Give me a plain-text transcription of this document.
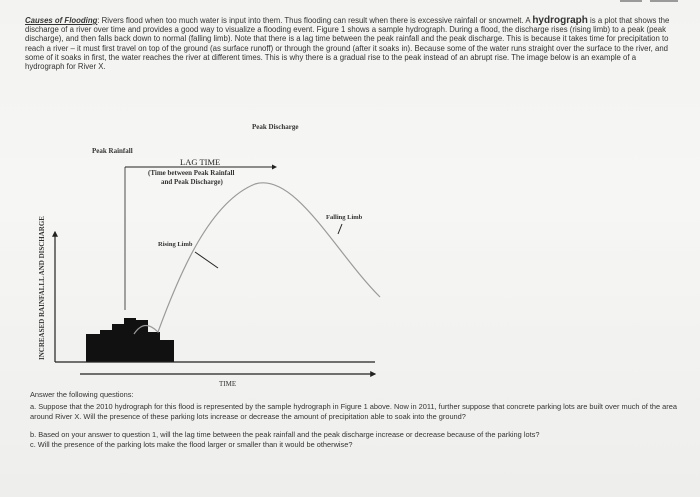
Causes of Flooding: Rivers flood when too much water is input into them. Thus flooding can result when there is excessive rainfall or snowmelt. A hydrograph is a plot that shows the discharge of a river over time and provides a good way to visualize a flooding event. Figure 1 shows a sample hydrograph. During a flood, the discharge rises (rising limb) to a peak (peak discharge), and then falls back down to normal (falling limb). Note that there is a lag time between the peak rainfall and the peak discharge. This is because it takes time for precipitation to reach a river – it must first travel on top of the ground (as surface runoff) or through the ground (after it soaks in). Because some of the water runs straight over the surface to the river, and some of it soaks in first, the water reaches the river at different times. This is why there is a gradual rise to the peak instead of an abrupt rise. The image below is an example of a hydrograph for River X.

Peak Discharge
Peak Rainfall
LAG TIME
(Time between Peak Rainfall
and Peak Discharge)
Falling Limb
Rising Limb
INCREASED RAINFALLL AND DISCHARGE
TIME

Answer the following questions:

a. Suppose that the 2010 hydrograph for this flood is represented by the sample hydrograph in Figure 1 above. Now in 2011, further suppose that concrete parking lots are built over much of the area around River X. Will the presence of these parking lots increase or decrease the amount of precipitation able to soak into the ground?

b. Based on your answer to question 1, will the lag time between the peak rainfall and the peak discharge increase or decrease because of the parking lots?

c. Will the presence of the parking lots make the flood larger or smaller than it would be otherwise?
